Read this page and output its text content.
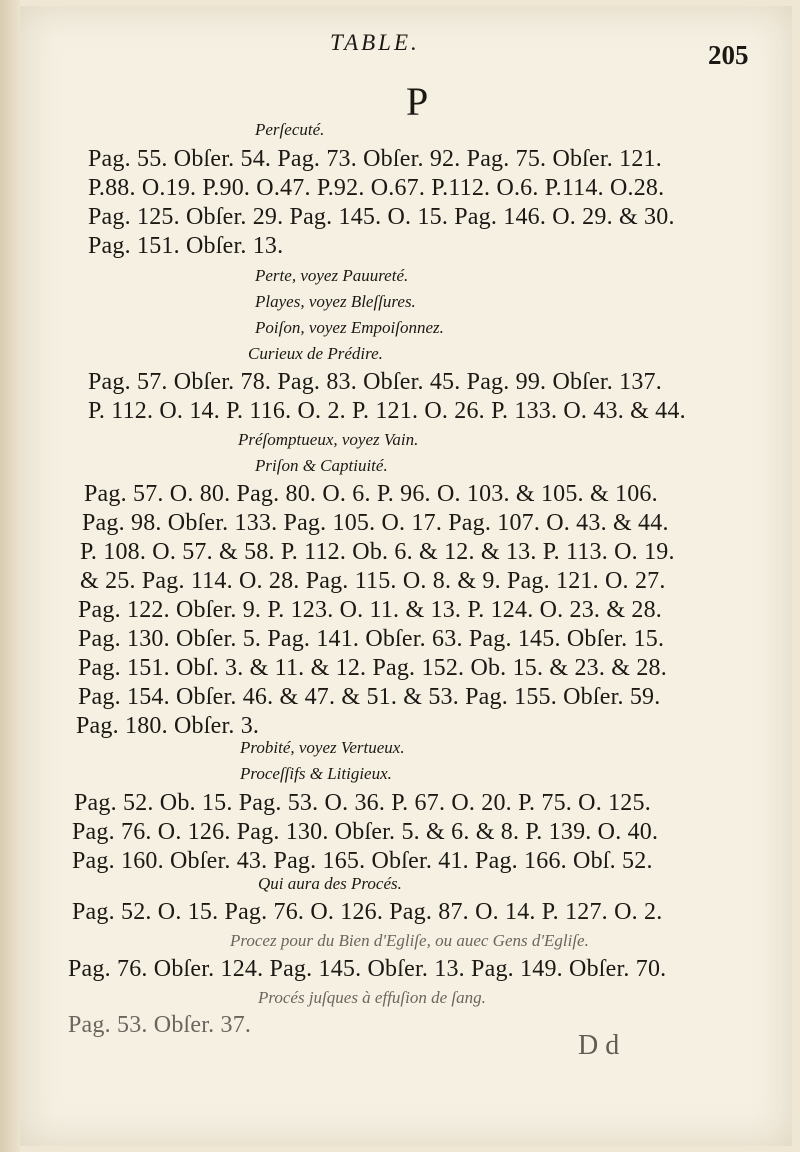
TABLE.	205
P
Perſecuté.
Pag. 55. Obſer. 54. Pag. 73. Obſer. 92. Pag. 75. Obſer. 121.
P.88. O.19. P.90. O.47. P.92. O.67. P.112. O.6. P.114. O.28.
Pag. 125. Obſer. 29. Pag. 145. O. 15. Pag. 146. O. 29. & 30.
Pag. 151. Obſer. 13.
Perte, voyez Pauureté.
Playes, voyez Bleſſures.
Poiſon, voyez Empoiſonnez.
Curieux de Prédire.
Pag. 57. Obſer. 78. Pag. 83. Obſer. 45. Pag. 99. Obſer. 137.
P. 112. O. 14. P. 116. O. 2. P. 121. O. 26. P. 133. O. 43. & 44.
Préſomptueux, voyez Vain.
Priſon & Captiuité.
Pag. 57. O. 80. Pag. 80. O. 6. P. 96. O. 103. & 105. & 106.
Pag. 98. Obſer. 133. Pag. 105. O. 17. Pag. 107. O. 43. & 44.
P. 108. O. 57. & 58. P. 112. Ob. 6. & 12. & 13. P. 113. O. 19.
& 25. Pag. 114. O. 28. Pag. 115. O. 8. & 9. Pag. 121. O. 27.
Pag. 122. Obſer. 9. P. 123. O. 11. & 13. P. 124. O. 23. & 28.
Pag. 130. Obſer. 5. Pag. 141. Obſer. 63. Pag. 145. Obſer. 15.
Pag. 151. Obſ. 3. & 11. & 12. Pag. 152. Ob. 15. & 23. & 28.
Pag. 154. Obſer. 46. & 47. & 51. & 53. Pag. 155. Obſer. 59.
Pag. 180. Obſer. 3.
Probité, voyez Vertueux.
Proceſſifs & Litigieux.
Pag. 52. Ob. 15. Pag. 53. O. 36. P. 67. O. 20. P. 75. O. 125.
Pag. 76. O. 126. Pag. 130. Obſer. 5. & 6. & 8. P. 139. O. 40.
Pag. 160. Obſer. 43. Pag. 165. Obſer. 41. Pag. 166. Obſ. 52.
Qui aura des Procés.
Pag. 52. O. 15. Pag. 76. O. 126. Pag. 87. O. 14. P. 127. O. 2.
Procez pour du Bien d'Egliſe, ou auec Gens d'Egliſe.
Pag. 76. Obſer. 124. Pag. 145. Obſer. 13. Pag. 149. Obſer. 70.
Procés juſques à effuſion de ſang.
Pag. 53. Obſer. 37.
D d
